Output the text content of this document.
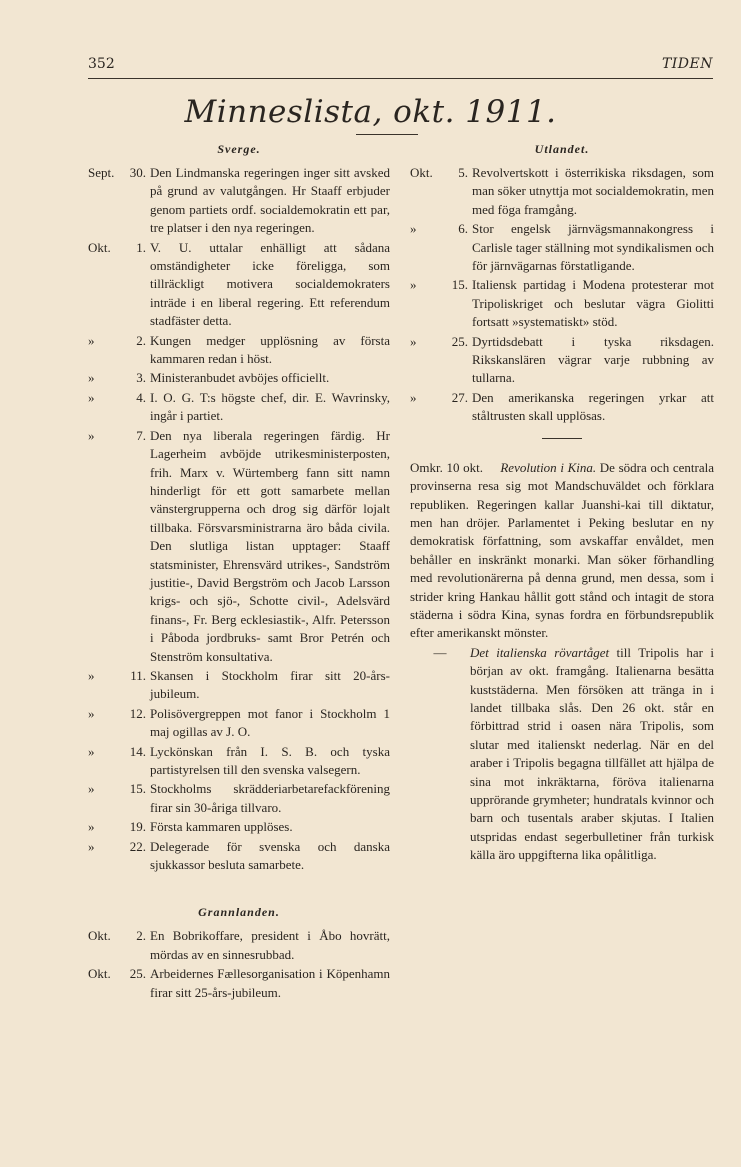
352	TIDEN
Minneslista, okt. 1911.
Sverge.
Sept. 30. Den Lindmanska regeringen inger sitt avsked på grund av valutgången. Hr Staaff erbjuder genom partiets ordf. socialdemokratin ett par, tre platser i den nya regeringen.
Okt. 1. V. U. uttalar enhälligt att sådana omständigheter icke föreligga, som tillräckligt motivera socialdemokraters inträde i en liberal regering. Ett referendum stadfäster detta.
»	2. Kungen medger upplösning av första kammaren redan i höst.
»	3. Ministeranbudet avböjes officiellt.
»	4. I. O. G. T:s högste chef, dir. E. Wavrinsky, ingår i partiet.
»	7. Den nya liberala regeringen färdig. Hr Lagerheim avböjde utrikesministerposten, frih. Marx v. Würtemberg fann sitt namn hinderligt för ett gott samarbete mellan vänstergrupperna och drog sig därför lojalt tillbaka. Försvarsministrarna äro båda civila. Den slutliga listan upptager: Staaff statsminister, Ehrensvärd utrikes-, Sandström justitie-, David Bergström och Jacob Larsson krigs- och sjö-, Schotte civil-, Adelsvärd finans-, Fr. Berg ecklesiastik-, Alfr. Petersson i Påboda jordbruks- samt Bror Petrén och Stenström konsultativa.
»	11. Skansen i Stockholm firar sitt 20-års-jubileum.
»	12. Polisövergreppen mot fanor i Stockholm 1 maj ogillas av J. O.
»	14. Lyckönskan från I. S. B. och tyska partistyrelsen till den svenska valsegern.
»	15. Stockholms skrädderiarbetarefackförening firar sin 30-åriga tillvaro.
»	19. Första kammaren upplöses.
»	22. Delegerade för svenska och danska sjukkassor besluta samarbete.
Grannlanden.
Okt. 2. En Bobrikoffare, president i Åbo hovrätt, mördas av en sinnesrubbad.
Okt. 25. Arbeidernes Fællesorganisation i Köpenhamn firar sitt 25-års-jubileum.
Utlandet.
Okt. 5. Revolvertskott i österrikiska riksdagen, som man söker utnyttja mot socialdemokratin, men med föga framgång.
»	6. Stor engelsk järnvägsmannakongress i Carlisle tager ställning mot syndikalismen och för järnvägarnas förstatligande.
»	15. Italiensk partidag i Modena protesterar mot Tripoliskriget och beslutar vägra Giolitti fortsatt »systematiskt» stöd.
»	25. Dyrtidsdebatt i tyska riksdagen. Rikskanslären vägrar varje rubbning av tullarna.
»	27. Den amerikanska regeringen yrkar att ståltrusten skall upplösas.
Omkr. 10 okt. Revolution i Kina. De södra och centrala provinserna resa sig mot Mandschuväldet och förklara republiken. Regeringen kallar Juanshi-kai till diktatur, men han dröjer. Parlamentet i Peking beslutar en ny demokratisk författning, som avskaffar envåldet, men behåller en inskränkt monarki. Man söker förhandling med revolutionärerna på denna grund, men dessa, som i strider kring Hankau hållit gott stånd och intagit de stora städerna i södra Kina, synas fordra en förbundsrepublik efter amerikanskt mönster.
—	Det italienska rövartåget till Tripolis har i början av okt. framgång. Italienarna besätta kuststäderna. Men försöken att tränga in i landet tillbaka slås. Den 26 okt. står en förbittrad strid i oasen nära Tripolis, som slutar med italienskt nederlag. När en del araber i Tripolis begagna tillfället att hjälpa de sina mot inkräktarna, föröva italienarna upprörande grymheter; hundratals kvinnor och barn och tusentals araber skjutas. I Italien utspridas endast segerbulletiner från turkisk källa äro uppgifterna lika opålitliga.
